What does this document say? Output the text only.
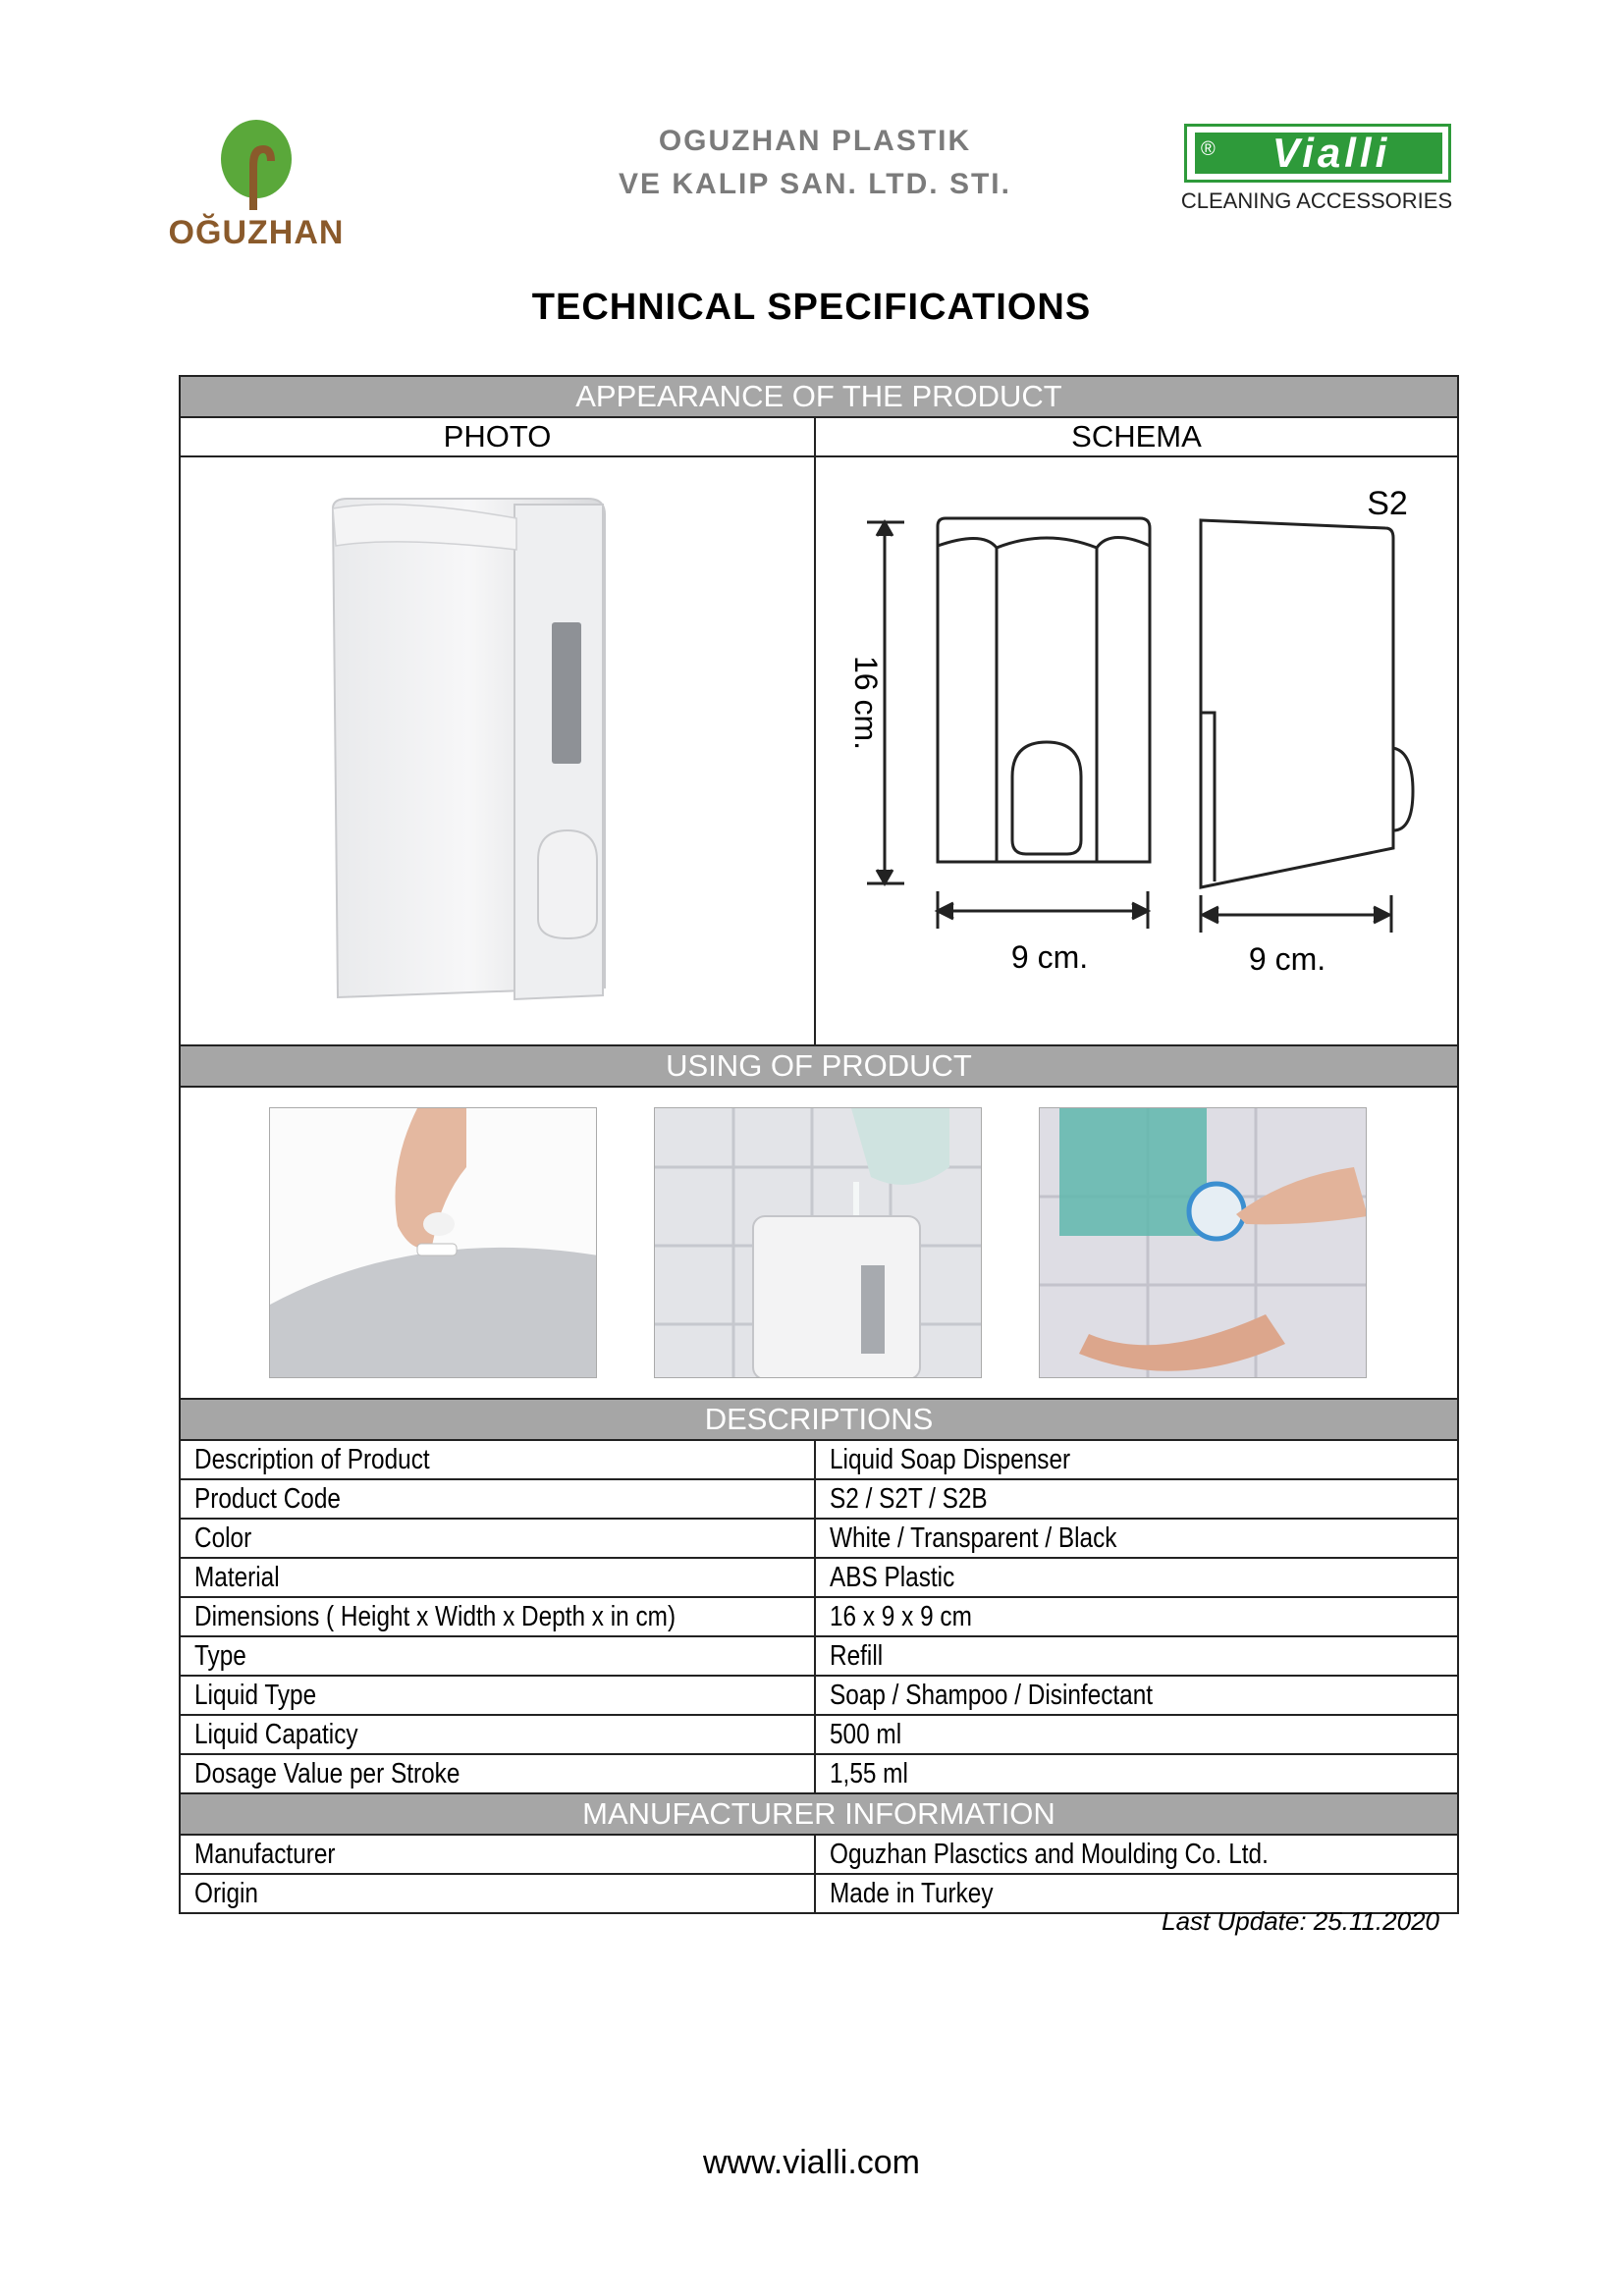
OĞUZHAN
OGUZHAN PLASTIK
VE KALIP SAN. LTD. STI.
®	Vialli
CLEANING ACCESSORIES
TECHNICAL SPECIFICATIONS
APPEARANCE OF THE PRODUCT
PHOTO	SCHEMA
S2
16 cm.
9 cm.	9 cm.
USING OF PRODUCT
DESCRIPTIONS
Description of Product	Liquid Soap Dispenser
Product Code	S2 / S2T / S2B
Color	White / Transparent / Black
Material	ABS Plastic
Dimensions ( Height x Width x Depth x in cm)	16 x 9 x 9 cm
Type	Refill
Liquid Type	Soap / Shampoo / Disinfectant
Liquid Capaticy	500 ml
Dosage Value per Stroke	1,55 ml
MANUFACTURER INFORMATION
Manufacturer	Oguzhan Plasctics and Moulding Co. Ltd.
Origin	Made in Turkey
Last Update: 25.11.2020
www.vialli.com
